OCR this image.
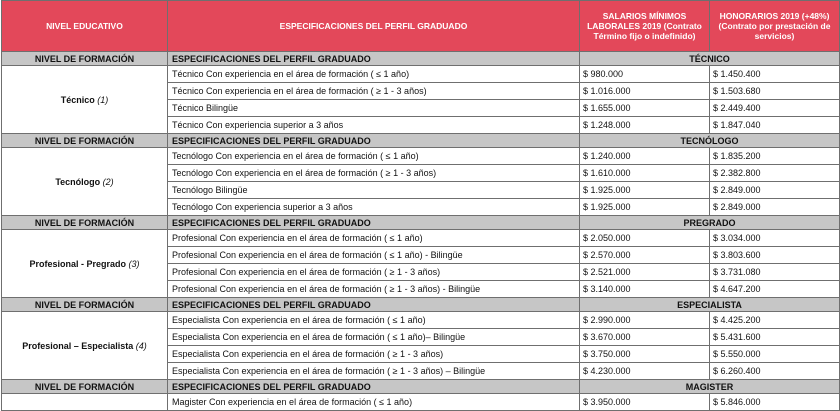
NIVEL EDUCATIVO	ESPECIFICACIONES DEL PERFIL GRADUADO	SALARIOS MÍNIMOS LABORALES 2019 (Contrato Término fijo o indefinido)	HONORARIOS 2019 (+48%) (Contrato por prestación de servicios)
NIVEL DE FORMACIÓN	ESPECIFICACIONES DEL PERFIL GRADUADO	TÉCNICO	
Técnico (1)	Técnico Con experiencia en el área de formación ( ≤ 1 año)	$ 980.000	$ 1.450.400
	Técnico Con experiencia en el área de formación ( ≥ 1 - 3 años)	$ 1.016.000	$ 1.503.680
	Técnico Bilingüe	$ 1.655.000	$ 2.449.400
	Técnico Con experiencia superior a 3 años	$ 1.248.000	$ 1.847.040
NIVEL DE FORMACIÓN	ESPECIFICACIONES DEL PERFIL GRADUADO	TECNÓLOGO	
Tecnólogo (2)	Tecnólogo Con experiencia en el área de formación ( ≤ 1 año)	$ 1.240.000	$ 1.835.200
	Tecnólogo Con experiencia en el área de formación ( ≥ 1 - 3 años)	$ 1.610.000	$ 2.382.800
	Tecnólogo Bilingüe	$ 1.925.000	$ 2.849.000
	Tecnólogo Con experiencia superior a 3 años	$ 1.925.000	$ 2.849.000
NIVEL DE FORMACIÓN	ESPECIFICACIONES DEL PERFIL GRADUADO	PREGRADO	
Profesional - Pregrado (3)	Profesional Con experiencia en el área de formación ( ≤ 1 año)	$ 2.050.000	$ 3.034.000
	Profesional Con experiencia en el área de formación ( ≤ 1 año) - Bilingüe	$ 2.570.000	$ 3.803.600
	Profesional Con experiencia en el área de formación ( ≥ 1 - 3 años)	$ 2.521.000	$ 3.731.080
	Profesional Con experiencia en el área de formación ( ≥ 1 - 3 años) - Bilingüe	$ 3.140.000	$ 4.647.200
NIVEL DE FORMACIÓN	ESPECIFICACIONES DEL PERFIL GRADUADO	ESPECIALISTA	
Profesional – Especialista (4)	Especialista Con experiencia en el área de formación ( ≤ 1 año)	$ 2.990.000	$ 4.425.200
	Especialista Con experiencia en el área de formación ( ≤ 1 año)– Bilingüe	$ 3.670.000	$ 5.431.600
	Especialista Con experiencia en el área de formación ( ≥ 1 - 3 años)	$ 3.750.000	$ 5.550.000
	Especialista Con experiencia en el área de formación ( ≥ 1 - 3 años) – Bilingüe	$ 4.230.000	$ 6.260.400
NIVEL DE FORMACIÓN	ESPECIFICACIONES DEL PERFIL GRADUADO	MAGISTER	
	Magister Con experiencia en el área de formación ( ≤ 1 año)	$ 3.950.000	$ 5.846.000
